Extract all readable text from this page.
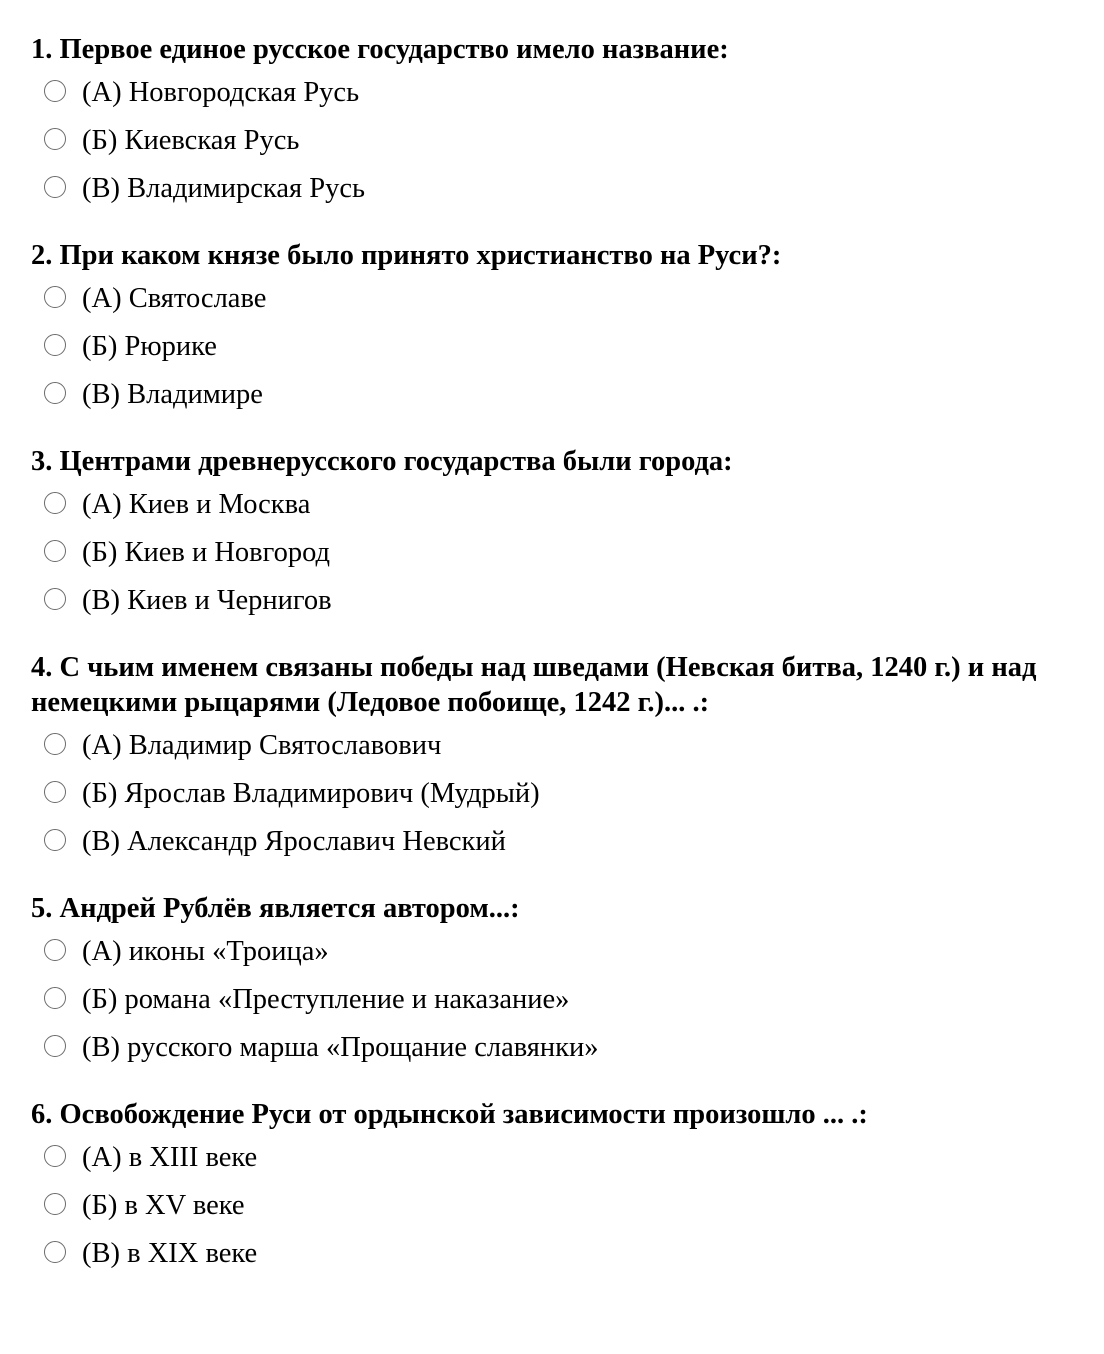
1. Первое единое русское государство имело название:
(А) Новгородская Русь
(Б) Киевская Русь
(В) Владимирская Русь
2. При каком князе было принято христианство на Руси?:
(А) Святославе
(Б) Рюрике
(В) Владимире
3. Центрами древнерусского государства были города:
(А) Киев и Москва
(Б) Киев и Новгород
(В) Киев и Чернигов
4. С чьим именем связаны победы над шведами (Невская битва, 1240 г.) и над немецкими рыцарями (Ледовое побоище, 1242 г.)... .:
(А) Владимир Святославович
(Б) Ярослав Владимирович (Мудрый)
(В) Александр Ярославич Невский
5. Андрей Рублёв является автором...:
(А) иконы «Троица»
(Б) романа «Преступление и наказание»
(В) русского марша «Прощание славянки»
6. Освобождение Руси от ордынской зависимости произошло ... .:
(А) в XIII веке
(Б) в XV веке
(В) в XIX веке
